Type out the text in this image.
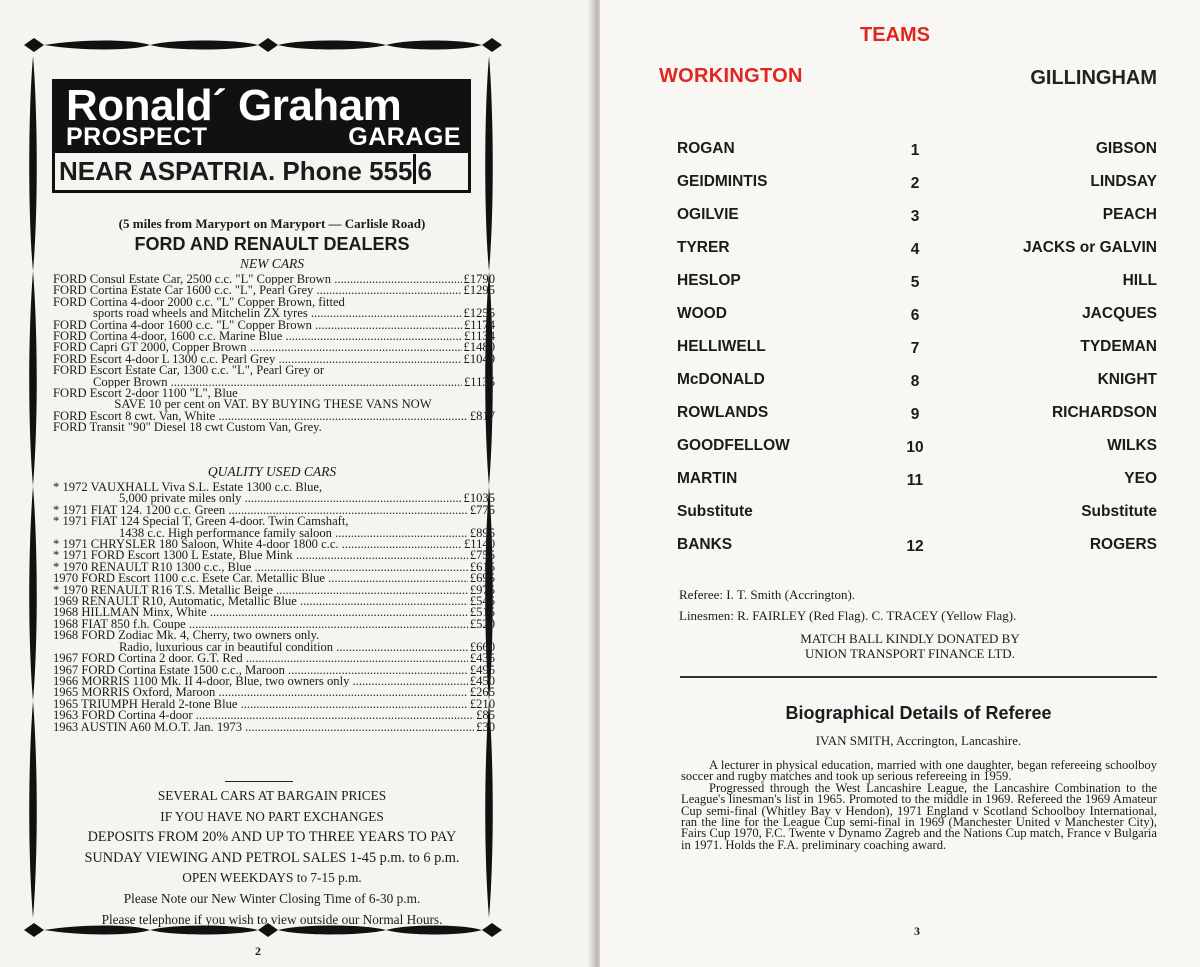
Ronald´ Graham
PROSPECT	GARAGE
NEAR ASPATRIA. Phone 555 6
(5 miles from Maryport on Maryport — Carlisle Road)
FORD AND RENAULT DEALERS
NEW CARS
FORD Consul Estate Car, 2500 c.c. "L" Copper Brown .....	£1790
FORD Cortina Estate Car 1600 c.c. "L", Pearl Grey .....	£1295
FORD Cortina 4-door 2000 c.c. "L" Copper Brown, fitted
sports road wheels and Mitchelin ZX tyres .....	£1255
FORD Cortina 4-door 1600 c.c. "L" Copper Brown .....	£1174
FORD Cortina 4-door, 1600 c.c. Marine Blue .....	£1134
FORD Capri GT 2000, Copper Brown .....	£1480
FORD Escort 4-door L 1300 c.c. Pearl Grey .....	£1049
FORD Escort Estate Car, 1300 c.c. "L", Pearl Grey or
Copper Brown .....	£1135
FORD Escort 2-door 1100 "L", Blue
SAVE 10 per cent on VAT. BY BUYING THESE VANS NOW
FORD Escort 8 cwt. Van, White .....	£817
FORD Transit "90" Diesel 18 cwt Custom Van, Grey.
QUALITY USED CARS
* 1972 VAUXHALL Viva S.L. Estate 1300 c.c. Blue,
5,000 private miles only .....	£1035
* 1971 FIAT 124. 1200 c.c. Green .....	£775
* 1971 FIAT 124 Special T, Green 4-door. Twin Camshaft,
1438 c.c. High performance family saloon .....	£895
* 1971 CHRYSLER 180 Saloon, White 4-door 1800 c.c. .....	£1140
* 1971 FORD Escort 1300 L Estate, Blue Mink .....	£755
* 1970 RENAULT R10 1300 c.c., Blue .....	£615
1970 FORD Escort 1100 c.c. Esete Car. Metallic Blue .....	£695
* 1970 RENAULT R16 T.S. Metallic Beige .....	£975
1969 RENAULT R10, Automatic, Metallic Blue .....	£545
1968 HILLMAN Minx, White .....	£515
1968 FIAT 850 f.h. Coupe .....	£520
1968 FORD Zodiac Mk. 4, Cherry, two owners only.
Radio, luxurious car in beautiful condition .....	£660
1967 FORD Cortina 2 door. G.T. Red .....	£435
1967 FORD Cortina Estate 1500 c.c., Maroon .....	£495
1966 MORRIS 1100 Mk. II 4-door, Blue, two owners only .....	£450
1965 MORRIS Oxford, Maroon .....	£265
1965 TRIUMPH Herald 2-tone Blue .....	£210
1963 FORD Cortina 4-door .....	£85
1963 AUSTIN A60 M.O.T. Jan. 1973 .....	£30
SEVERAL CARS AT BARGAIN PRICES
IF YOU HAVE NO PART EXCHANGES
DEPOSITS FROM 20% AND UP TO THREE YEARS TO PAY
SUNDAY VIEWING AND PETROL SALES 1-45 p.m. to 6 p.m.
OPEN WEEKDAYS to 7-15 p.m.
Please Note our New Winter Closing Time of 6-30 p.m.
Please telephone if you wish to view outside our Normal Hours.
2
TEAMS
WORKINGTON	GILLINGHAM
ROGAN	1	GIBSON
GEIDMINTIS	2	LINDSAY
OGILVIE	3	PEACH
TYRER	4	JACKS or GALVIN
HESLOP	5	HILL
WOOD	6	JACQUES
HELLIWELL	7	TYDEMAN
McDONALD	8	KNIGHT
ROWLANDS	9	RICHARDSON
GOODFELLOW	10	WILKS
MARTIN	11	YEO
Substitute	Substitute
BANKS	12	ROGERS
Referee: I. T. Smith (Accrington).
Linesmen: R. FAIRLEY (Red Flag). C. TRACEY (Yellow Flag).
MATCH BALL KINDLY DONATED BY
UNION TRANSPORT FINANCE LTD.
Biographical Details of Referee
IVAN SMITH, Accrington, Lancashire.

A lecturer in physical education, married with one daughter, began refereeing schoolboy soccer and rugby matches and took up serious refereeing in 1959.

Progressed through the West Lancashire League, the Lancashire Combination to the League's linesman's list in 1965. Promoted to the middle in 1969. Refereed the 1969 Amateur Cup semi-final (Whitley Bay v Hendon), 1971 England v Scotland Schoolboy International, ran the line for the League Cup semi-final in 1969 (Manchester United v Manchester City), Fairs Cup 1970, F.C. Twente v Dynamo Zagreb and the Nations Cup match, France v Bulgaria in 1971. Holds the F.A. preliminary coaching award.

3
